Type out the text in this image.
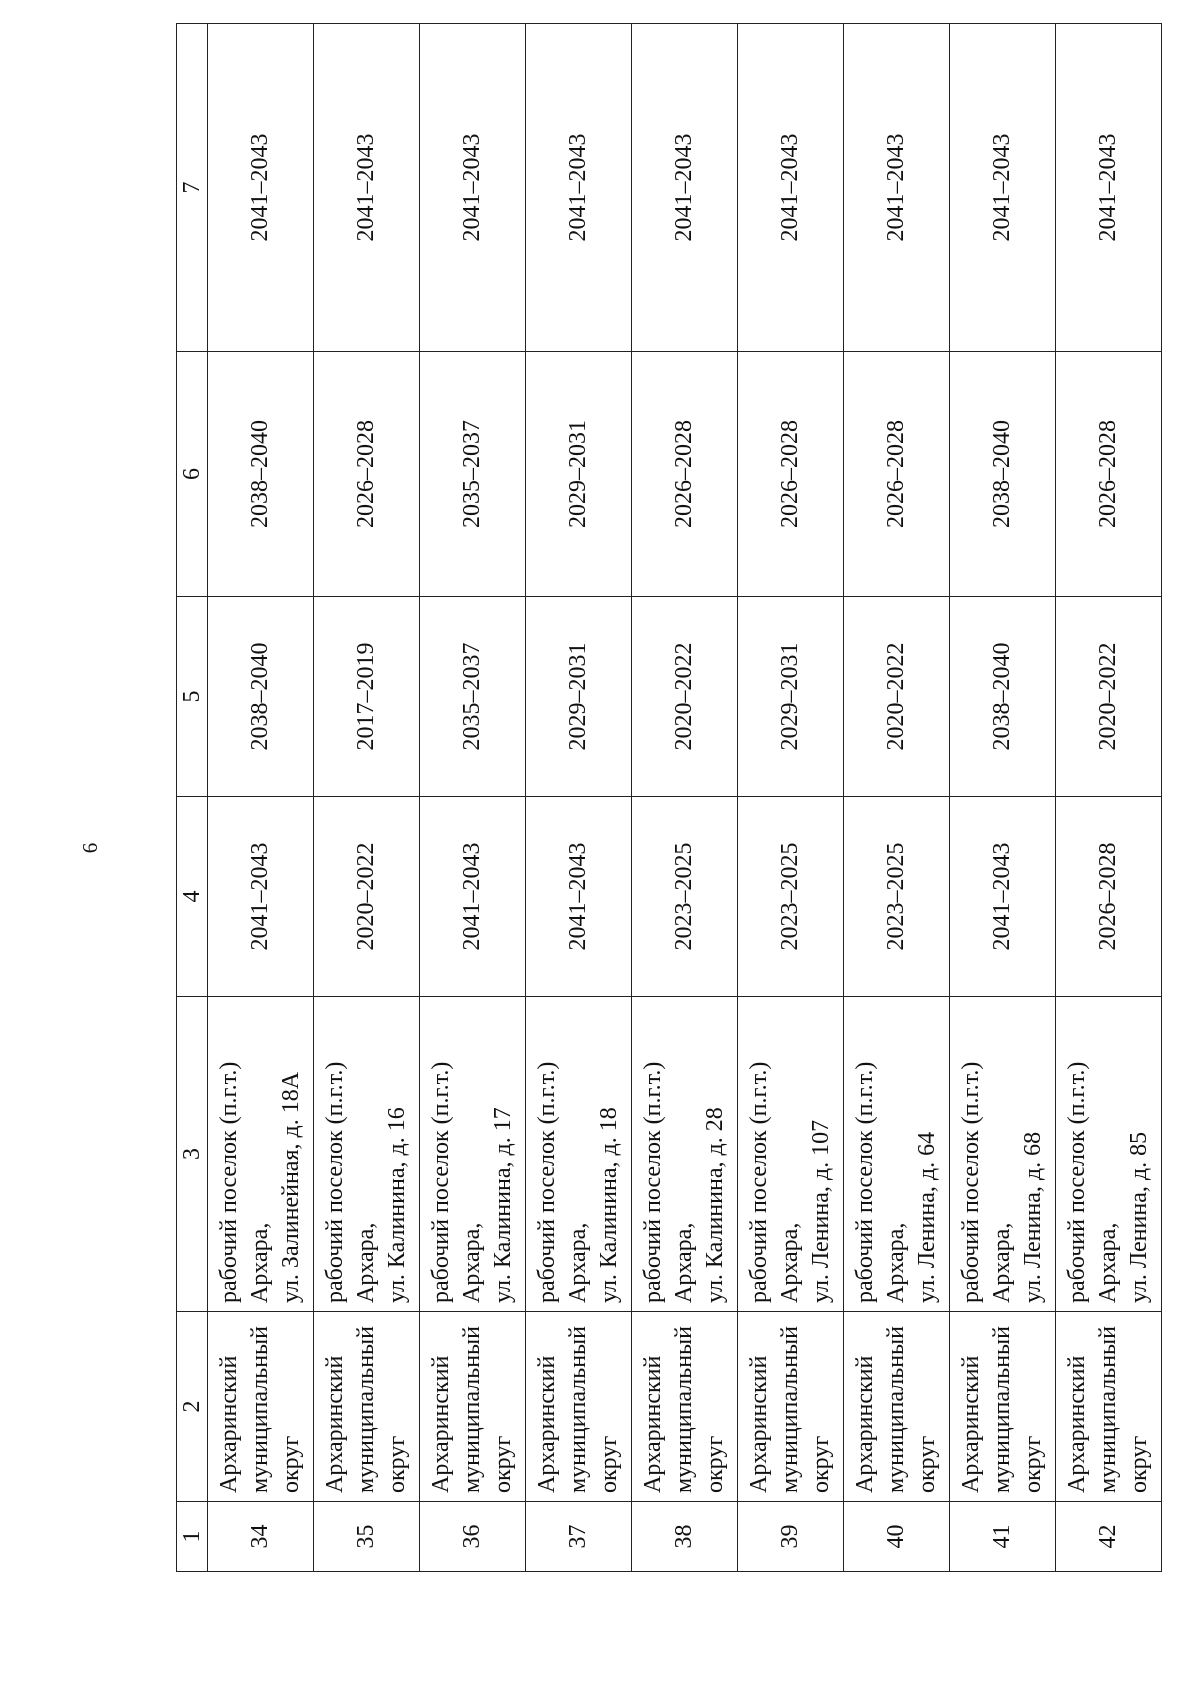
6
1	2	3	4	5	6	7
34	Архаринский муниципальный округ	рабочий поселок (п.г.т.) Архара, ул. Залинейная, д. 18А	2041–2043	2038–2040	2038–2040	2041–2043
35	Архаринский муниципальный округ	рабочий поселок (п.г.т.) Архара, ул. Калинина, д. 16	2020–2022	2017–2019	2026–2028	2041–2043
36	Архаринский муниципальный округ	рабочий поселок (п.г.т.) Архара, ул. Калинина, д. 17	2041–2043	2035–2037	2035–2037	2041–2043
37	Архаринский муниципальный округ	рабочий поселок (п.г.т.) Архара, ул. Калинина, д. 18	2041–2043	2029–2031	2029–2031	2041–2043
38	Архаринский муниципальный округ	рабочий поселок (п.г.т.) Архара, ул. Калинина, д. 28	2023–2025	2020–2022	2026–2028	2041–2043
39	Архаринский муниципальный округ	рабочий поселок (п.г.т.) Архара, ул. Ленина, д. 107	2023–2025	2029–2031	2026–2028	2041–2043
40	Архаринский муниципальный округ	рабочий поселок (п.г.т.) Архара, ул. Ленина, д. 64	2023–2025	2020–2022	2026–2028	2041–2043
41	Архаринский муниципальный округ	рабочий поселок (п.г.т.) Архара, ул. Ленина, д. 68	2041–2043	2038–2040	2038–2040	2041–2043
42	Архаринский муниципальный округ	рабочий поселок (п.г.т.) Архара, ул. Ленина, д. 85	2026–2028	2020–2022	2026–2028	2041–2043
